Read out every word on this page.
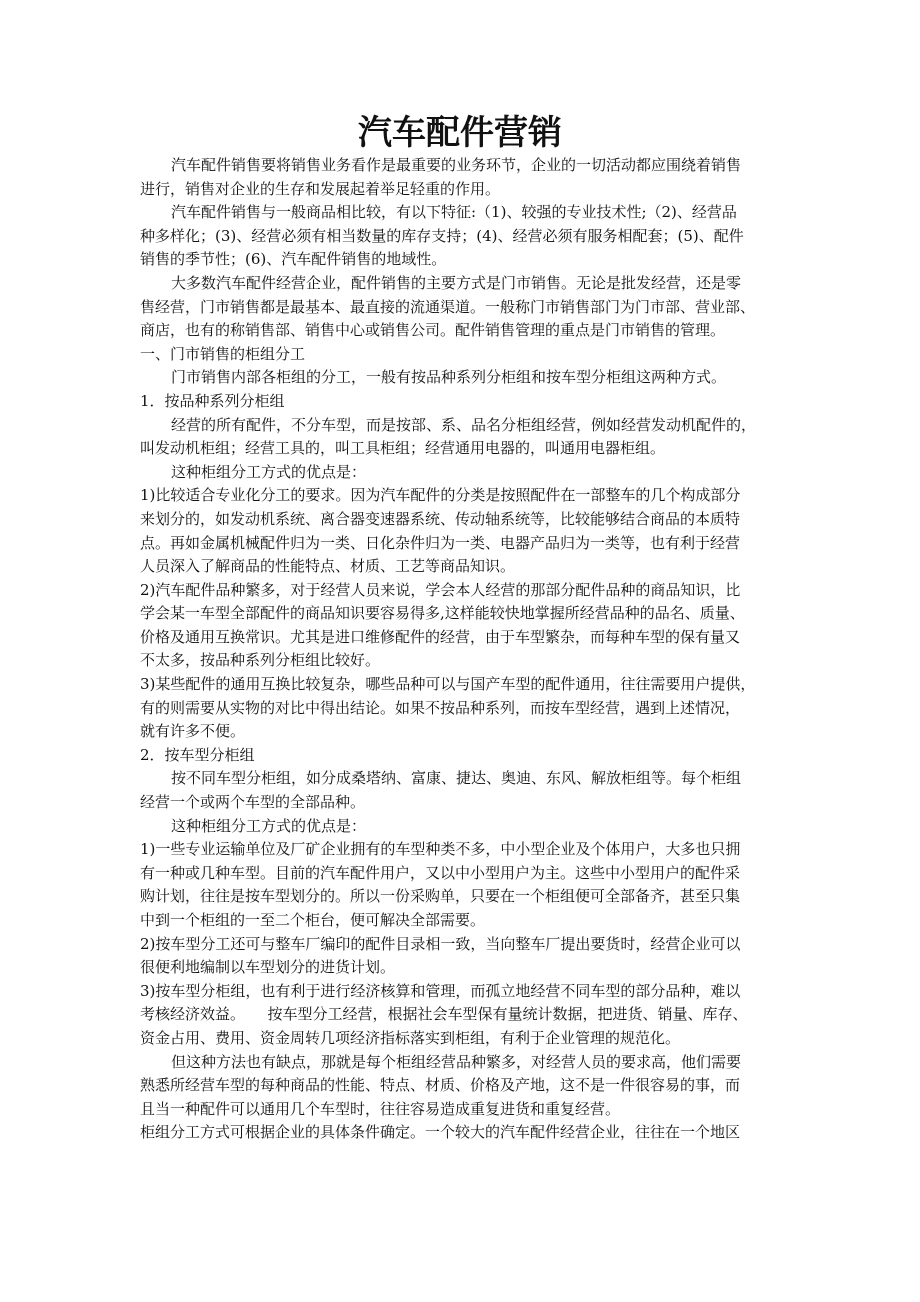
汽车配件营销
汽车配件销售要将销售业务看作是最重要的业务环节，企业的一切活动都应围绕着销售
进行，销售对企业的生存和发展起着举足轻重的作用。
汽车配件销售与一般商品相比较，有以下特征:（1)、较强的专业技术性;（2)、经营品
种多样化；(3)、经营必须有相当数量的库存支持；(4)、经营必须有服务相配套；(5)、配件
销售的季节性；(6)、汽车配件销售的地域性。
大多数汽车配件经营企业，配件销售的主要方式是门市销售。无论是批发经营，还是零
售经营，门市销售都是最基本、最直接的流通渠道。一般称门市销售部门为门市部、营业部、
商店，也有的称销售部、销售中心或销售公司。配件销售管理的重点是门市销售的管理。
一、门市销售的柜组分工
门市销售内部各柜组的分工，一般有按品种系列分柜组和按车型分柜组这两种方式。
1．按品种系列分柜组
经营的所有配件，不分车型，而是按部、系、品名分柜组经营，例如经营发动机配件的，
叫发动机柜组；经营工具的，叫工具柜组；经营通用电器的，叫通用电器柜组。
这种柜组分工方式的优点是：
1)比较适合专业化分工的要求。因为汽车配件的分类是按照配件在一部整车的几个构成部分
来划分的，如发动机系统、离合器变速器系统、传动轴系统等，比较能够结合商品的本质特
点。再如金属机械配件归为一类、日化杂件归为一类、电器产品归为一类等，也有利于经营
人员深入了解商品的性能特点、材质、工艺等商品知识。
2)汽车配件品种繁多，对于经营人员来说，学会本人经营的那部分配件品种的商品知识，比
学会某一车型全部配件的商品知识要容易得多,这样能较快地掌握所经营品种的品名、质量、
价格及通用互换常识。尤其是进口维修配件的经营，由于车型繁杂，而每种车型的保有量又
不太多，按品种系列分柜组比较好。
3)某些配件的通用互换比较复杂，哪些品种可以与国产车型的配件通用，往往需要用户提供，
有的则需要从实物的对比中得出结论。如果不按品种系列，而按车型经营，遇到上述情况，
就有许多不便。
2．按车型分柜组
按不同车型分柜组，如分成桑塔纳、富康、捷达、奥迪、东风、解放柜组等。每个柜组
经营一个或两个车型的全部品种。
这种柜组分工方式的优点是：
1)一些专业运输单位及厂矿企业拥有的车型种类不多，中小型企业及个体用户，大多也只拥
有一种或几种车型。目前的汽车配件用户，又以中小型用户为主。这些中小型用户的配件采
购计划，往往是按车型划分的。所以一份采购单，只要在一个柜组便可全部备齐，甚至只集
中到一个柜组的一至二个柜台，便可解决全部需要。
2)按车型分工还可与整车厂编印的配件目录相一致，当向整车厂提出要货时，经营企业可以
很便利地编制以车型划分的进货计划。
3)按车型分柜组，也有利于进行经济核算和管理，而孤立地经营不同车型的部分品种，难以
考核经济效益。　　按车型分工经营，根据社会车型保有量统计数据，把进货、销量、库存、
资金占用、费用、资金周转几项经济指标落实到柜组，有利于企业管理的规范化。
但这种方法也有缺点，那就是每个柜组经营品种繁多，对经营人员的要求高，他们需要
熟悉所经营车型的每种商品的性能、特点、材质、价格及产地，这不是一件很容易的事，而
且当一种配件可以通用几个车型时，往往容易造成重复进货和重复经营。
柜组分工方式可根据企业的具体条件确定。一个较大的汽车配件经营企业，往往在一个地区
